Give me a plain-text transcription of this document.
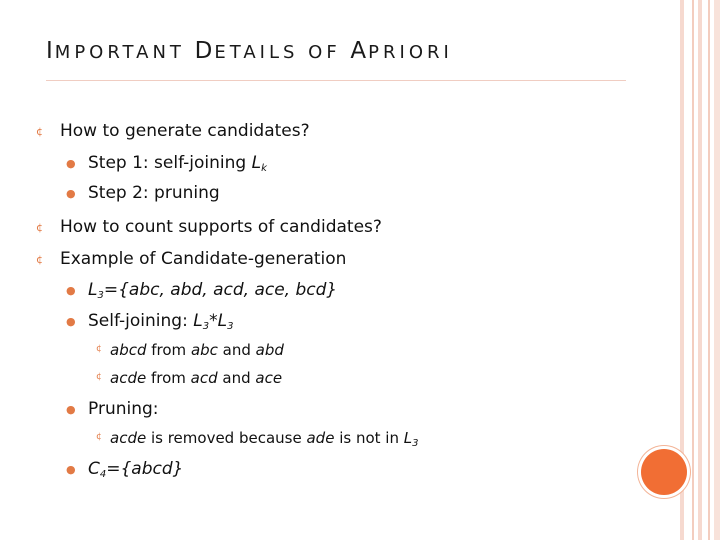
IMPORTANT DETAILS OF APRIORI
¢ How to generate candidates?
● Step 1: self-joining $L_k$
● Step 2: pruning
¢ How to count supports of candidates?
¢ Example of Candidate-generation
● $L_3=\{abc$, abd, acd, ace, bcd}
● Self-joining: $L_3*L_3$
¢ abcd from abc and abd
¢ acde from acd and ace
● Pruning:
¢ acde is removed because ade is not in $L_3$
● $C_4=\{abcd\}$
